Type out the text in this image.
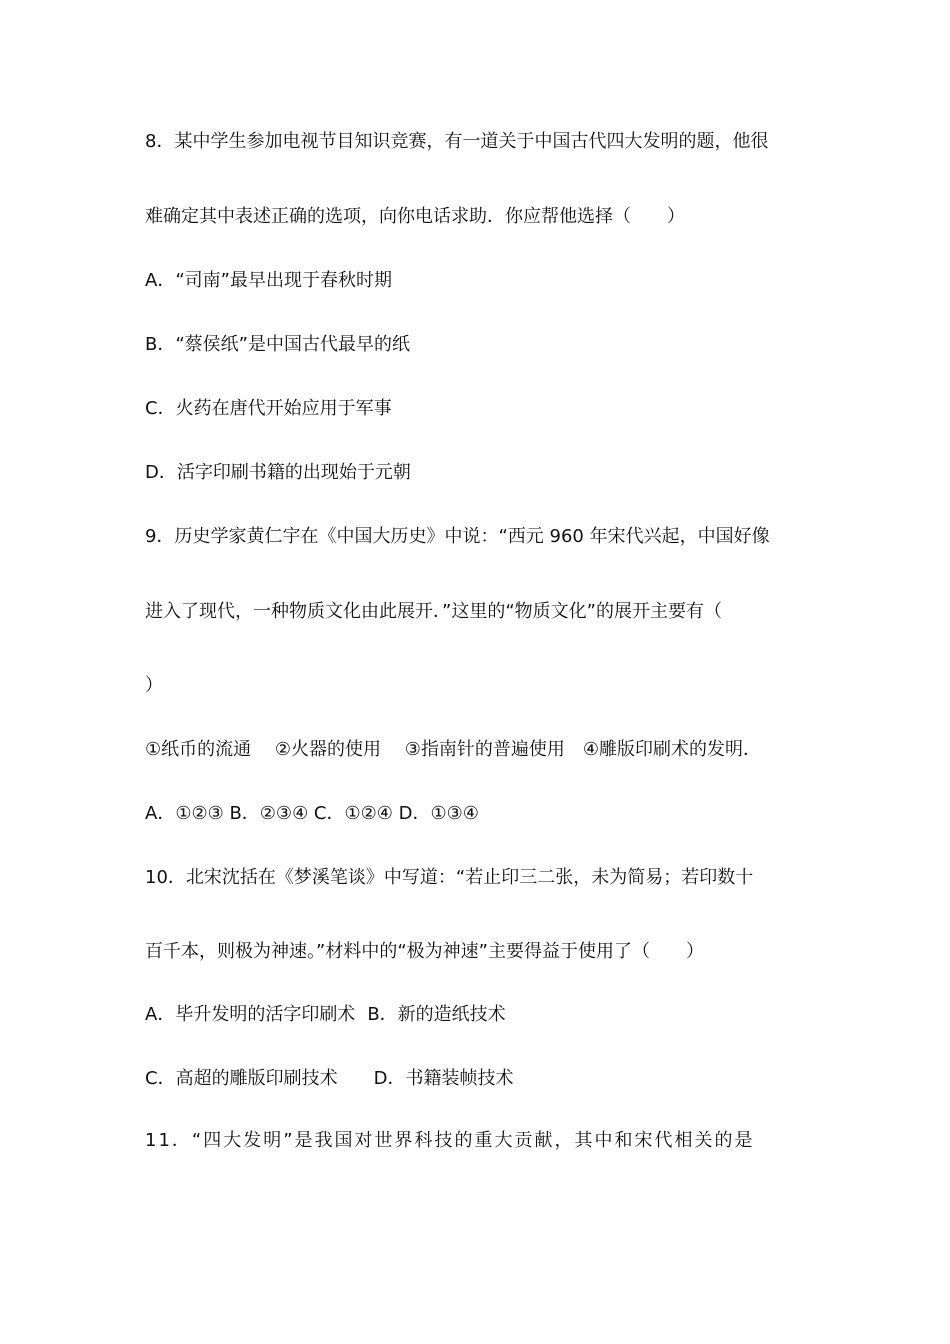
8．某中学生参加电视节目知识竞赛，有一道关于中国古代四大发明的题，他很
难确定其中表述正确的选项，向你电话求助．你应帮他选择（　　）
A．“司南”最早出现于春秋时期
B．“蔡侯纸”是中国古代最早的纸
C．火药在唐代开始应用于军事
D．活字印刷书籍的出现始于元朝
9．历史学家黄仁宇在《中国大历史》中说：“西元 960 年宋代兴起，中国好像
进入了现代，一种物质文化由此展开．”这里的“物质文化”的展开主要有（
）
①纸币的流通　 ②火器的使用　 ③指南针的普遍使用　④雕版印刷术的发明．
A．①②③ B．②③④ C．①②④ D．①③④
10．北宋沈括在《梦溪笔谈》中写道：“若止印三二张，未为简易；若印数十
百千本，则极为神速。”材料中的“极为神速”主要得益于使用了（　　）
A．毕升发明的活字印刷术 B．新的造纸技术
C．高超的雕版印刷技术 D．书籍装帧技术
11．“四大发明”是我国对世界科技的重大贡献，其中和宋代相关的是
